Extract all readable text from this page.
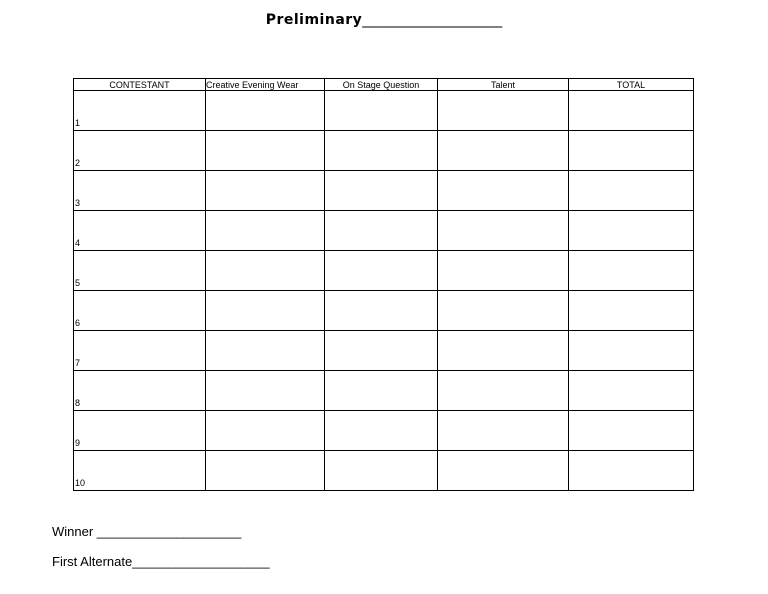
Preliminary____________________
CONTESTANT	Creative Evening Wear	On Stage Question	Talent	TOTAL
1				
2				
3				
4				
5				
6				
7				
8				
9				
10				
Winner ____________________
First Alternate___________________
